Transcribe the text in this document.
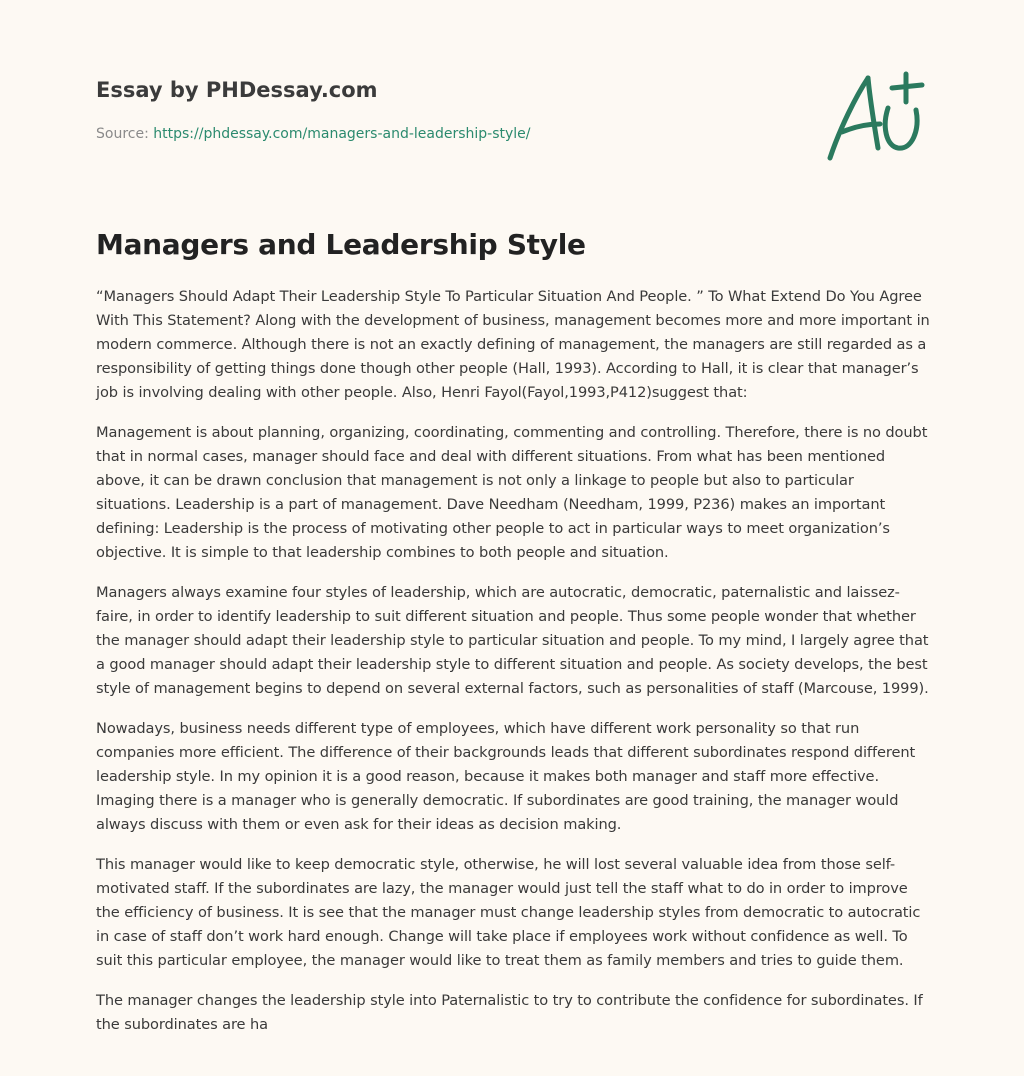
Essay by PHDessay.com
Source: https://phdessay.com/managers-and-leadership-style/
Managers and Leadership Style

“Managers Should Adapt Their Leadership Style To Particular Situation And People. ” To What Extend Do You Agree With This Statement? Along with the development of business, management becomes more and more important in modern commerce. Although there is not an exactly defining of management, the managers are still regarded as a responsibility of getting things done though other people (Hall, 1993). According to Hall, it is clear that manager’s job is involving dealing with other people. Also, Henri Fayol(Fayol,1993,P412)suggest that:

Management is about planning, organizing, coordinating, commenting and controlling. Therefore, there is no doubt that in normal cases, manager should face and deal with different situations. From what has been mentioned above, it can be drawn conclusion that management is not only a linkage to people but also to particular situations. Leadership is a part of management. Dave Needham (Needham, 1999, P236) makes an important defining: Leadership is the process of motivating other people to act in particular ways to meet organization’s objective. It is simple to that leadership combines to both people and situation.

Managers always examine four styles of leadership, which are autocratic, democratic, paternalistic and laissez-faire, in order to identify leadership to suit different situation and people. Thus some people wonder that whether the manager should adapt their leadership style to particular situation and people. To my mind, I largely agree that a good manager should adapt their leadership style to different situation and people. As society develops, the best style of management begins to depend on several external factors, such as personalities of staff (Marcouse, 1999).

Nowadays, business needs different type of employees, which have different work personality so that run companies more efficient. The difference of their backgrounds leads that different subordinates respond different leadership style. In my opinion it is a good reason, because it makes both manager and staff more effective. Imaging there is a manager who is generally democratic. If subordinates are good training, the manager would always discuss with them or even ask for their ideas as decision making.

This manager would like to keep democratic style, otherwise, he will lost several valuable idea from those self-motivated staff. If the subordinates are lazy, the manager would just tell the staff what to do in order to improve the efficiency of business. It is see that the manager must change leadership styles from democratic to autocratic in case of staff don’t work hard enough. Change will take place if employees work without confidence as well. To suit this particular employee, the manager would like to treat them as family members and tries to guide them.

The manager changes the leadership style into Paternalistic to try to contribute the confidence for subordinates. If the subordinates are ha
